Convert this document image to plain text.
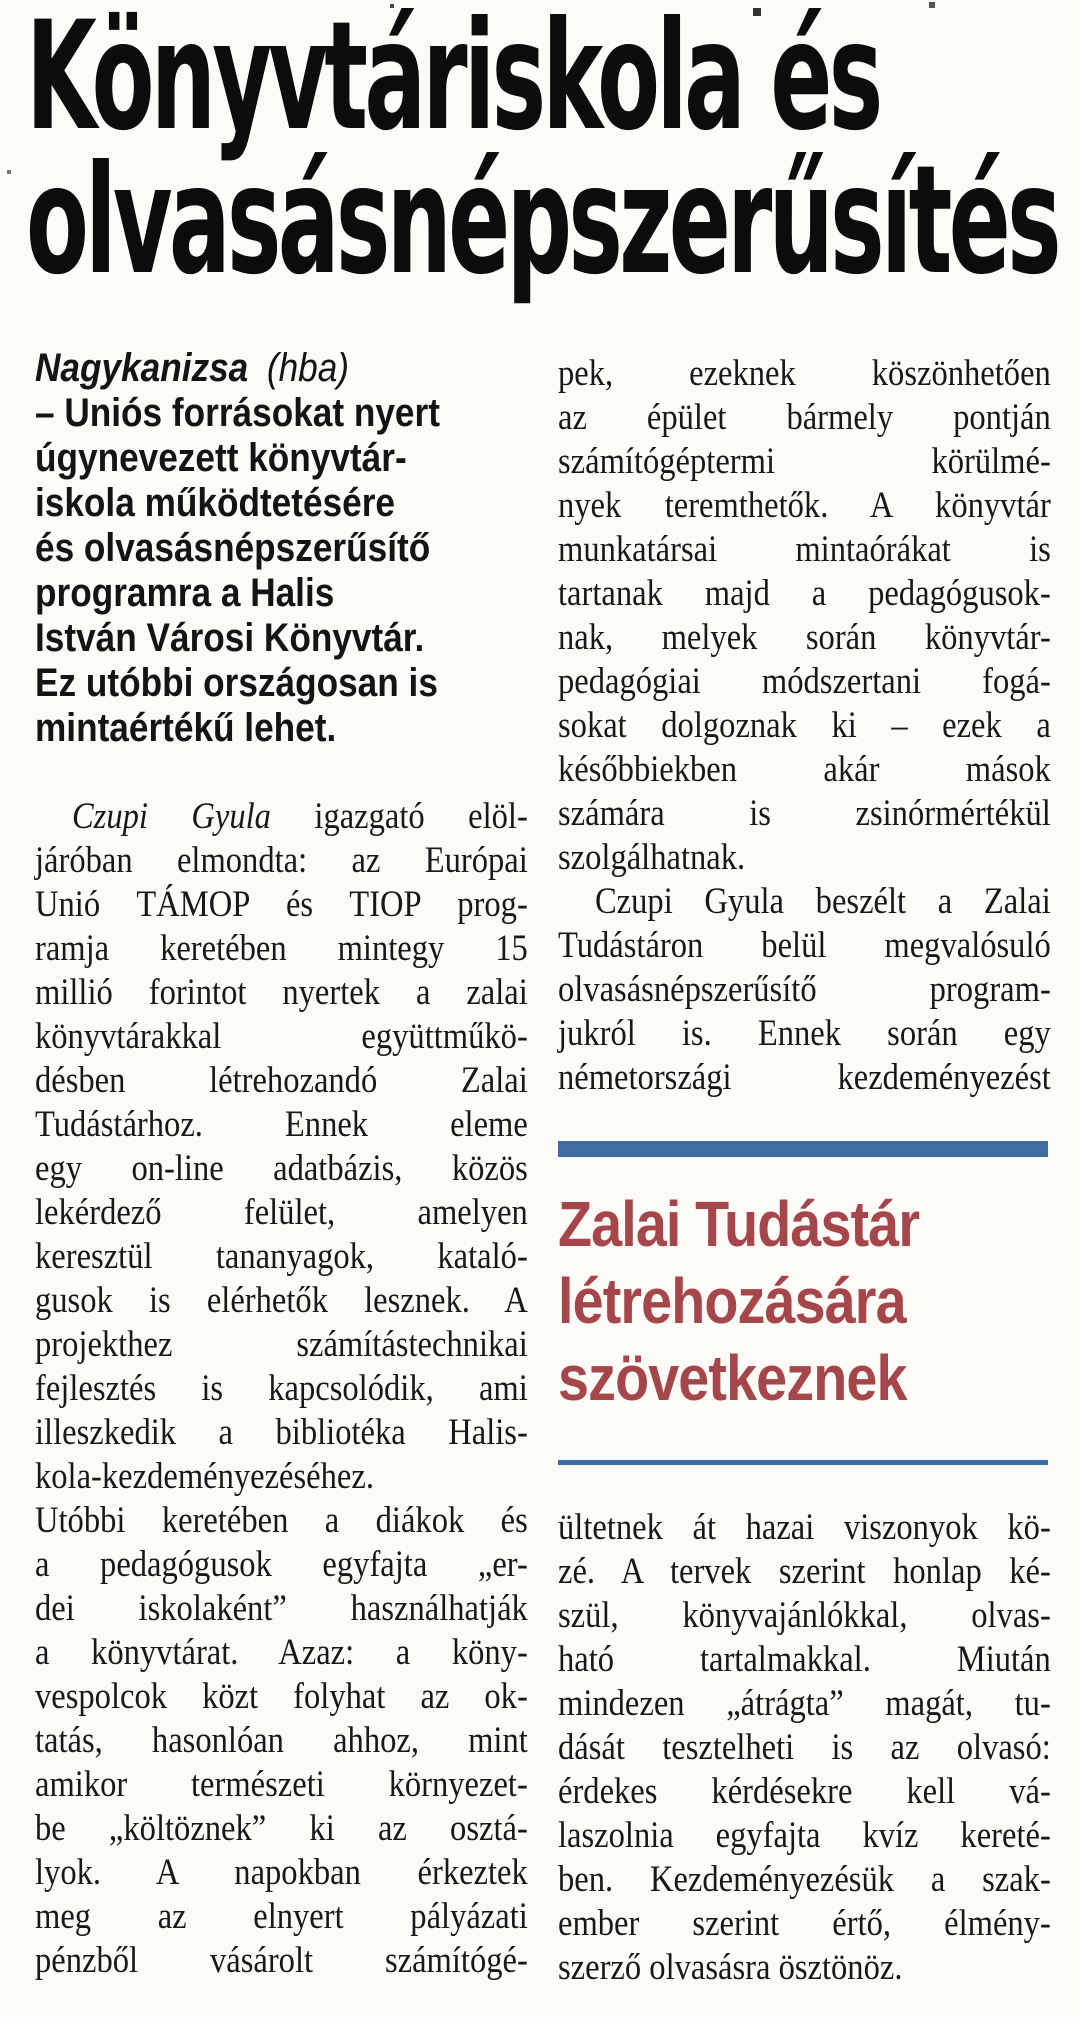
Könyvtáriskola és
olvasásnépszerűsítés
Nagykanizsa (hba)
– Uniós forrásokat nyert
úgynevezett könyvtár-
iskola működtetésére
és olvasásnépszerűsítő
programra a Halis
István Városi Könyvtár.
Ez utóbbi országosan is
mintaértékű lehet.
Czupi Gyula igazgató elöl-
járóban elmondta: az Európai
Unió TÁMOP és TIOP prog-
ramja keretében mintegy 15
millió forintot nyertek a zalai
könyvtárakkal együttműkö-
désben létrehozandó Zalai
Tudástárhoz. Ennek eleme
egy on-line adatbázis, közös
lekérdező felület, amelyen
keresztül tananyagok, kataló-
gusok is elérhetők lesznek. A
projekthez számítástechnikai
fejlesztés is kapcsolódik, ami
illeszkedik a bibliotéka Halis-
kola-kezdeményezéséhez.
Utóbbi keretében a diákok és
a pedagógusok egyfajta „er-
dei iskolaként” használhatják
a könyvtárat. Azaz: a köny-
vespolcok közt folyhat az ok-
tatás, hasonlóan ahhoz, mint
amikor természeti környezet-
be „költöznek” ki az osztá-
lyok. A napokban érkeztek
meg az elnyert pályázati
pénzből vásárolt számítógé-
pek, ezeknek köszönhetően
az épület bármely pontján
számítógéptermi körülmé-
nyek teremthetők. A könyvtár
munkatársai mintaórákat is
tartanak majd a pedagógusok-
nak, melyek során könyvtár-
pedagógiai módszertani fogá-
sokat dolgoznak ki – ezek a
későbbiekben akár mások
számára is zsinórmértékül
szolgálhatnak.
Czupi Gyula beszélt a Zalai
Tudástáron belül megvalósuló
olvasásnépszerűsítő program-
jukról is. Ennek során egy
németországi kezdeményezést
Zalai Tudástár
létrehozására
szövetkeznek
ültetnek át hazai viszonyok kö-
zé. A tervek szerint honlap ké-
szül, könyvajánlókkal, olvas-
ható tartalmakkal. Miután
mindezen „átrágta” magát, tu-
dását tesztelheti is az olvasó:
érdekes kérdésekre kell vá-
laszolnia egyfajta kvíz kereté-
ben. Kezdeményezésük a szak-
ember szerint értő, élmény-
szerző olvasásra ösztönöz.
